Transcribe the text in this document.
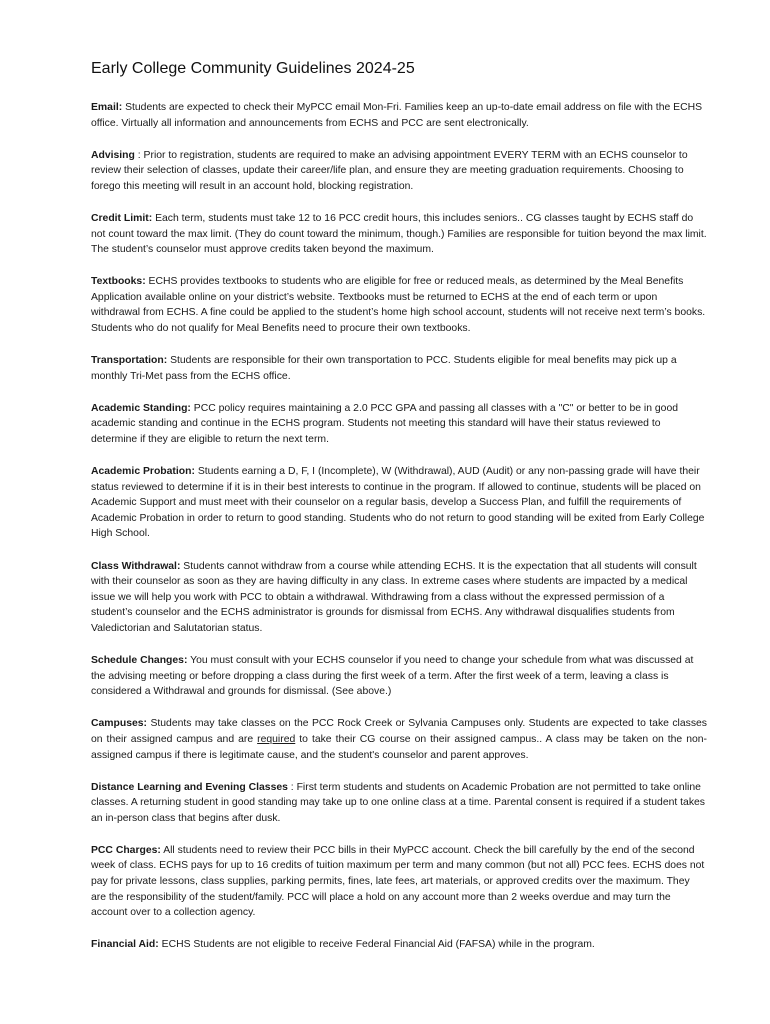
Early College Community Guidelines 2024-25

Email: Students are expected to check their MyPCC email Mon-Fri. Families keep an up-to-date email address on file with the ECHS office. Virtually all information and announcements from ECHS and PCC are sent electronically.

Advising : Prior to registration, students are required to make an advising appointment EVERY TERM with an ECHS counselor to review their selection of classes, update their career/life plan, and ensure they are meeting graduation requirements. Choosing to forego this meeting will result in an account hold, blocking registration.

Credit Limit: Each term, students must take 12 to 16 PCC credit hours, this includes seniors.. CG classes taught by ECHS staff do not count toward the max limit. (They do count toward the minimum, though.) Families are responsible for tuition beyond the max limit. The student’s counselor must approve credits taken beyond the maximum.

Textbooks: ECHS provides textbooks to students who are eligible for free or reduced meals, as determined by the Meal Benefits Application available online on your district’s website. Textbooks must be returned to ECHS at the end of each term or upon withdrawal from ECHS. A fine could be applied to the student’s home high school account, students will not receive next term’s books. Students who do not qualify for Meal Benefits need to procure their own textbooks.

Transportation: Students are responsible for their own transportation to PCC. Students eligible for meal benefits may pick up a monthly Tri-Met pass from the ECHS office.

Academic Standing: PCC policy requires maintaining a 2.0 PCC GPA and passing all classes with a "C" or better to be in good academic standing and continue in the ECHS program. Students not meeting this standard will have their status reviewed to determine if they are eligible to return the next term.

Academic Probation: Students earning a D, F, I (Incomplete), W (Withdrawal), AUD (Audit) or any non-passing grade will have their status reviewed to determine if it is in their best interests to continue in the program. If allowed to continue, students will be placed on Academic Support and must meet with their counselor on a regular basis, develop a Success Plan, and fulfill the requirements of Academic Probation in order to return to good standing. Students who do not return to good standing will be exited from Early College High School.

Class Withdrawal: Students cannot withdraw from a course while attending ECHS. It is the expectation that all students will consult with their counselor as soon as they are having difficulty in any class. In extreme cases where students are impacted by a medical issue we will help you work with PCC to obtain a withdrawal. Withdrawing from a class without the expressed permission of a student’s counselor and the ECHS administrator is grounds for dismissal from ECHS. Any withdrawal disqualifies students from Valedictorian and Salutatorian status.

Schedule Changes: You must consult with your ECHS counselor if you need to change your schedule from what was discussed at the advising meeting or before dropping a class during the first week of a term. After the first week of a term, leaving a class is considered a Withdrawal and grounds for dismissal. (See above.)

Campuses: Students may take classes on the PCC Rock Creek or Sylvania Campuses only. Students are expected to take classes on their assigned campus and are required to take their CG course on their assigned campus.. A class may be taken on the non-assigned campus if there is legitimate cause, and the student's counselor and parent approves.

Distance Learning and Evening Classes : First term students and students on Academic Probation are not permitted to take online classes. A returning student in good standing may take up to one online class at a time. Parental consent is required if a student takes an in-person class that begins after dusk.

PCC Charges: All students need to review their PCC bills in their MyPCC account. Check the bill carefully by the end of the second week of class. ECHS pays for up to 16 credits of tuition maximum per term and many common (but not all) PCC fees. ECHS does not pay for private lessons, class supplies, parking permits, fines, late fees, art materials, or approved credits over the maximum. They are the responsibility of the student/family. PCC will place a hold on any account more than 2 weeks overdue and may turn the account over to a collection agency.

Financial Aid: ECHS Students are not eligible to receive Federal Financial Aid (FAFSA) while in the program.
